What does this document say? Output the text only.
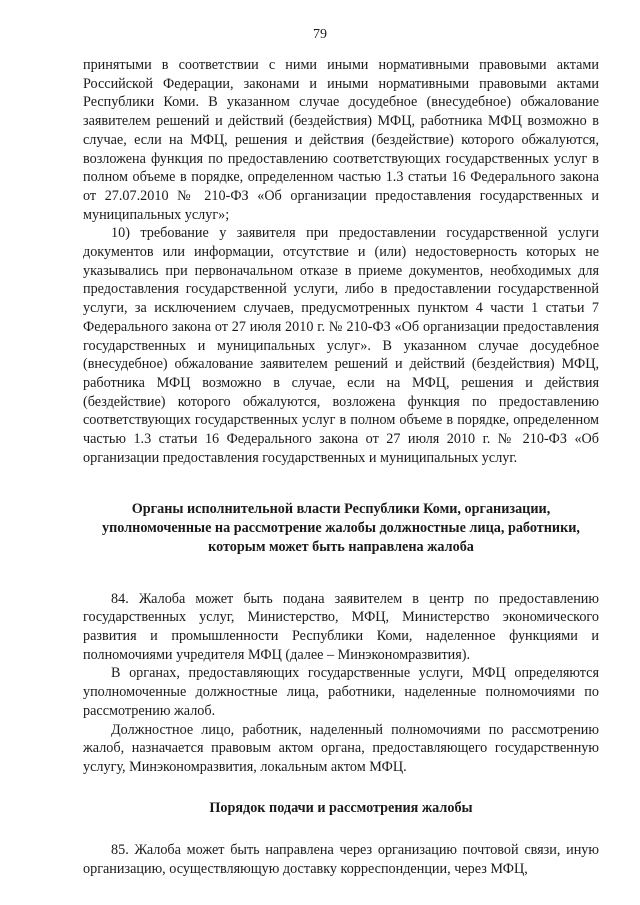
79

принятыми в соответствии с ними иными нормативными правовыми актами Российской Федерации, законами и иными нормативными правовыми актами Республики Коми. В указанном случае досудебное (внесудебное) обжалование заявителем решений и действий (бездействия) МФЦ, работника МФЦ возможно в случае, если на МФЦ, решения и действия (бездействие) которого обжалуются, возложена функция по предоставлению соответствующих государственных услуг в полном объеме в порядке, определенном частью 1.3 статьи 16 Федерального закона от 27.07.2010 № 210-ФЗ «Об организации предоставления государственных и муниципальных услуг»;

10) требование у заявителя при предоставлении государственной услуги документов или информации, отсутствие и (или) недостоверность которых не указывались при первоначальном отказе в приеме документов, необходимых для предоставления государственной услуги, либо в предоставлении государственной услуги, за исключением случаев, предусмотренных пунктом 4 части 1 статьи 7 Федерального закона от 27 июля 2010 г. № 210-ФЗ «Об организации предоставления государственных и муниципальных услуг». В указанном случае досудебное (внесудебное) обжалование заявителем решений и действий (бездействия) МФЦ, работника МФЦ возможно в случае, если на МФЦ, решения и действия (бездействие) которого обжалуются, возложена функция по предоставлению соответствующих государственных услуг в полном объеме в порядке, определенном частью 1.3 статьи 16 Федерального закона от 27 июля 2010 г. № 210-ФЗ «Об организации предоставления государственных и муниципальных услуг.

Органы исполнительной власти Республики Коми, организации, уполномоченные на рассмотрение жалобы должностные лица, работники, которым может быть направлена жалоба

84. Жалоба может быть подана заявителем в центр по предоставлению государственных услуг, Министерство, МФЦ, Министерство экономического развития и промышленности Республики Коми, наделенное функциями и полномочиями учредителя МФЦ (далее – Минэкономразвития).

В органах, предоставляющих государственные услуги, МФЦ определяются уполномоченные должностные лица, работники, наделенные полномочиями по рассмотрению жалоб.

Должностное лицо, работник, наделенный полномочиями по рассмотрению жалоб, назначается правовым актом органа, предоставляющего государственную услугу, Минэкономразвития, локальным актом МФЦ.

Порядок подачи и рассмотрения жалобы

85. Жалоба может быть направлена через организацию почтовой связи, иную организацию, осуществляющую доставку корреспонденции, через МФЦ,
